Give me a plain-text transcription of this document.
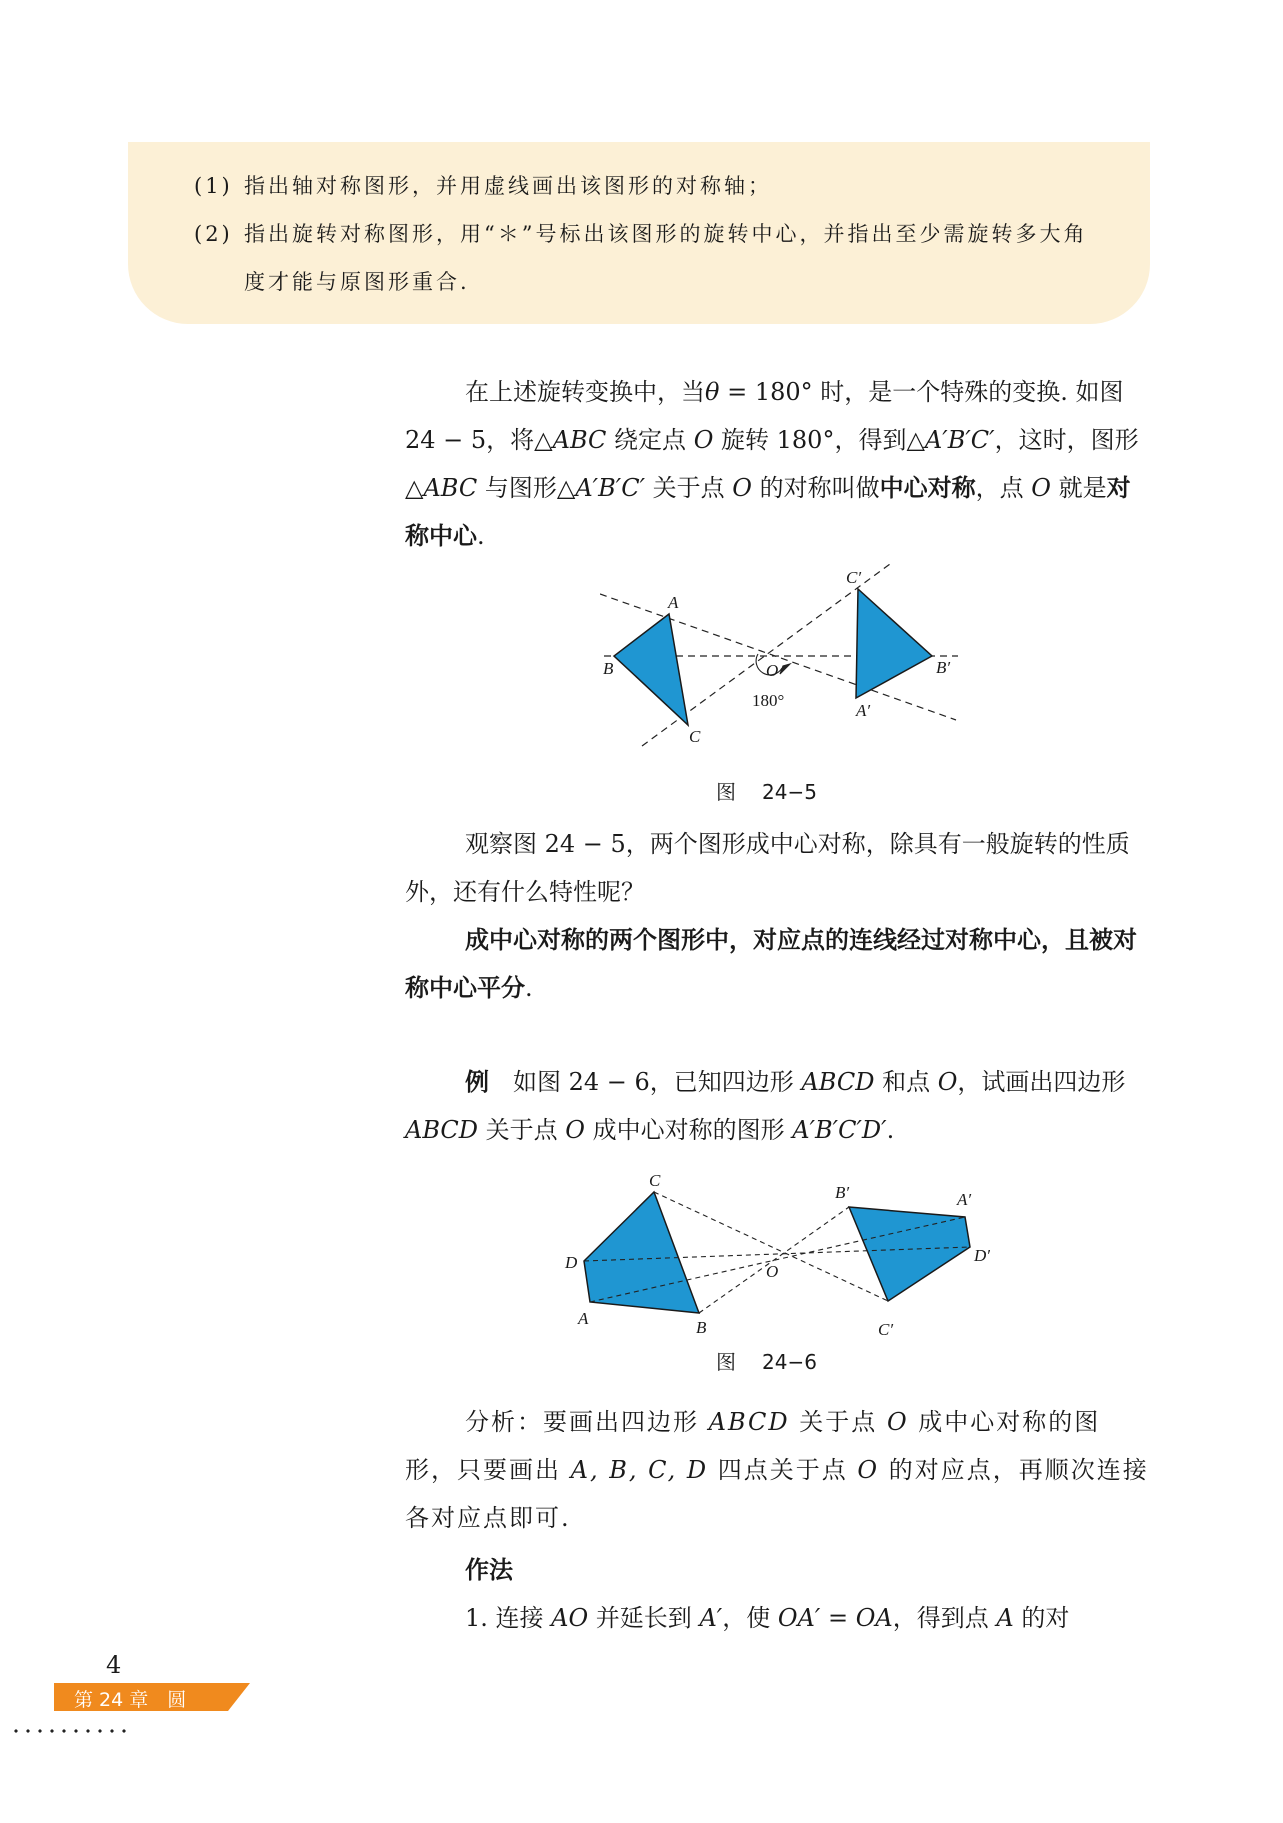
(1) 指出轴对称图形，并用虚线画出该图形的对称轴；
(2) 指出旋转对称图形，用“＊”号标出该图形的旋转中心，并指出至少需旋转多大角
度才能与原图形重合.
在上述旋转变换中，当θ = 180° 时，是一个特殊的变换. 如图 24 − 5，将△ABC 绕定点 O 旋转 180°，得到△A′B′C′，这时，图形△ABC 与图形△A′B′C′ 关于点 O 的对称叫做中心对称，点 O 就是对称中心.
A
B
C
O
180°
A′
B′
C′
图 24−5
观察图 24 − 5，两个图形成中心对称，除具有一般旋转的性质外，还有什么特性呢？
成中心对称的两个图形中，对应点的连线经过对称中心，且被对称中心平分.
例　如图 24 − 6，已知四边形 ABCD 和点 O，试画出四边形 ABCD 关于点 O 成中心对称的图形 A′B′C′D′.
C
D
A	B
O
B′	A′
D′
C′
图 24−6
分析：要画出四边形 ABCD 关于点 O 成中心对称的图形，只要画出 A, B, C, D 四点关于点 O 的对应点，再顺次连接各对应点即可.
作法
1. 连接 AO 并延长到 A′，使 OA′ = OA，得到点 A 的对
4
第 24 章　圆
